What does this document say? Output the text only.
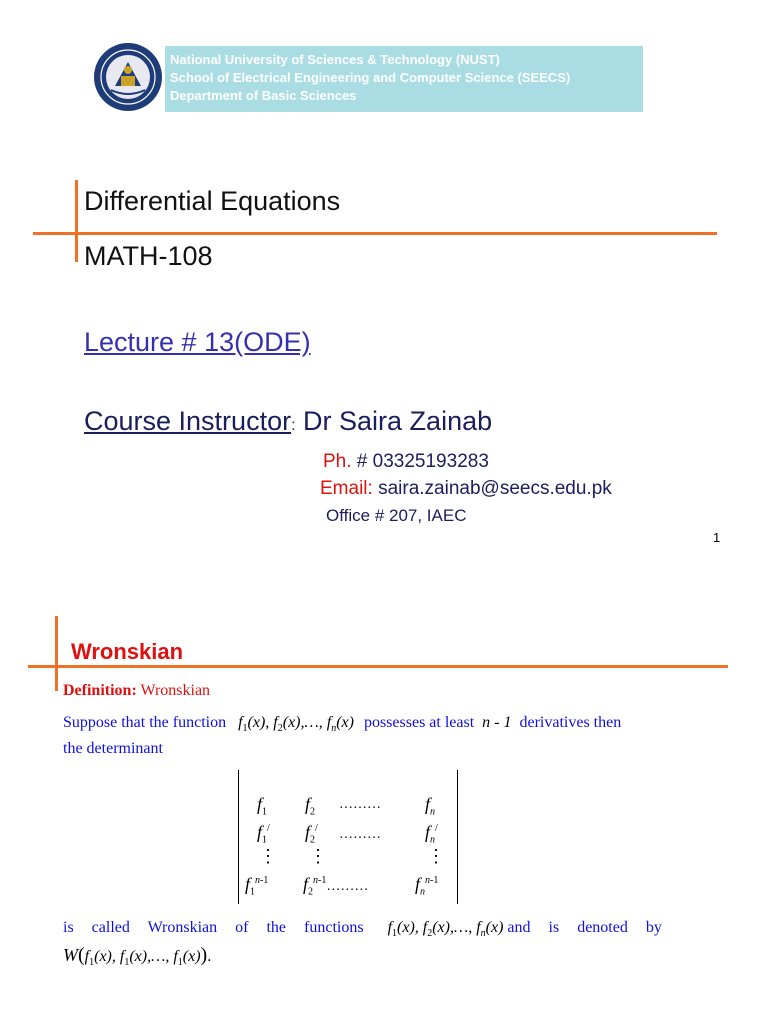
National University of Sciences & Technology (NUST)
School of Electrical Engineering and Computer Science (SEECS)
Department of Basic Sciences
Differential Equations
MATH-108
Lecture # 13(ODE)
Course Instructor: Dr Saira Zainab
Ph. # 03325193283
Email: saira.zainab@seecs.edu.pk
Office # 207, IAEC
1
Wronskian
Definition: Wronskian
Suppose that the function $f_1(x)$, $f_2(x),\dots$, $f_n(x)$ possesses at least n - 1 derivatives then
the determinant
$f_1$ $f_2$
……… $f_n$
$f_1^/$ $f_2^/$ ……… $f_n^/$
⋮ ⋮	⋮
$f_1^{n-1}$ $f_2^{n-1}\dots\dots\dots$	$f_n^{n-1}$
is called Wronskian of the functions $f_1(x)$, $f_2(x),\dots$, $f_n(x)$ and is denoted by
$W(f_1(x)$, $f_1(x),\dots$, $f_1(x)$).
